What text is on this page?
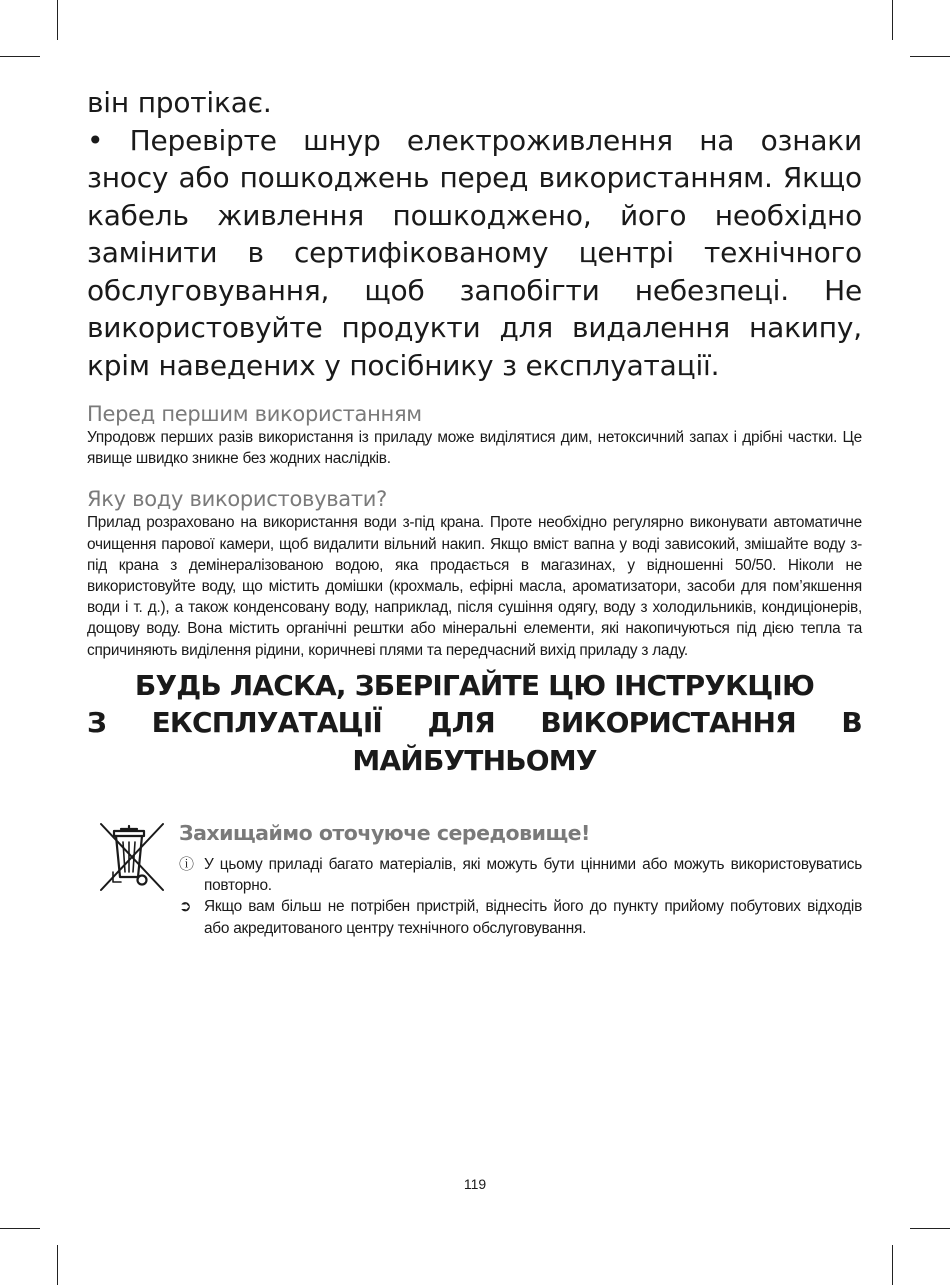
він протікає.

• Перевірте шнур електроживлення на ознаки зносу або пошкоджень перед використанням. Якщо кабель живлення пошкоджено, його необхідно замінити в сертифікованому центрі технічного обслуговування, щоб запобігти небезпеці. Не використовуйте продукти для видалення накипу, крім наведених у посібнику з експлуатації.

Перед першим використанням

Упродовж перших разів використання із приладу може виділятися дим, нетоксичний запах і дрібні частки. Це явище швидко зникне без жодних наслідків.

Яку воду використовувати?

Прилад розраховано на використання води з-під крана. Проте необхідно регулярно виконувати автоматичне очищення парової камери, щоб видалити вільний накип. Якщо вміст вапна у воді зависокий, змішайте воду з-під крана з демінералізованою водою, яка продається в магазинах, у відношенні 50/50. Ніколи не використовуйте воду, що містить домішки (крохмаль, ефірні масла, ароматизатори, засоби для пом’якшення води і т. д.), а також конденсовану воду, наприклад, після сушіння одягу, воду з холодильників, кондиціонерів, дощову воду. Вона містить органічні рештки або мінеральні елементи, які накопичуються під дією тепла та спричиняють виділення рідини, коричневі плями та передчасний вихід приладу з ладу.

БУДЬ ЛАСКА, ЗБЕРІГАЙТЕ ЦЮ ІНСТРУКЦІЮ
З ЕКСПЛУАТАЦІЇ ДЛЯ ВИКОРИСТАННЯ В
МАЙБУТНЬОМУ
Захищаймо оточуюче середовище!
ⓘ У цьому приладі багато матеріалів, які можуть бути цінними або можуть використовуватись повторно.
➲ Якщо вам більш не потрібен пристрій, віднесіть його до пункту прийому побутових відходів або акредитованого центру технічного обслуговування.
119
